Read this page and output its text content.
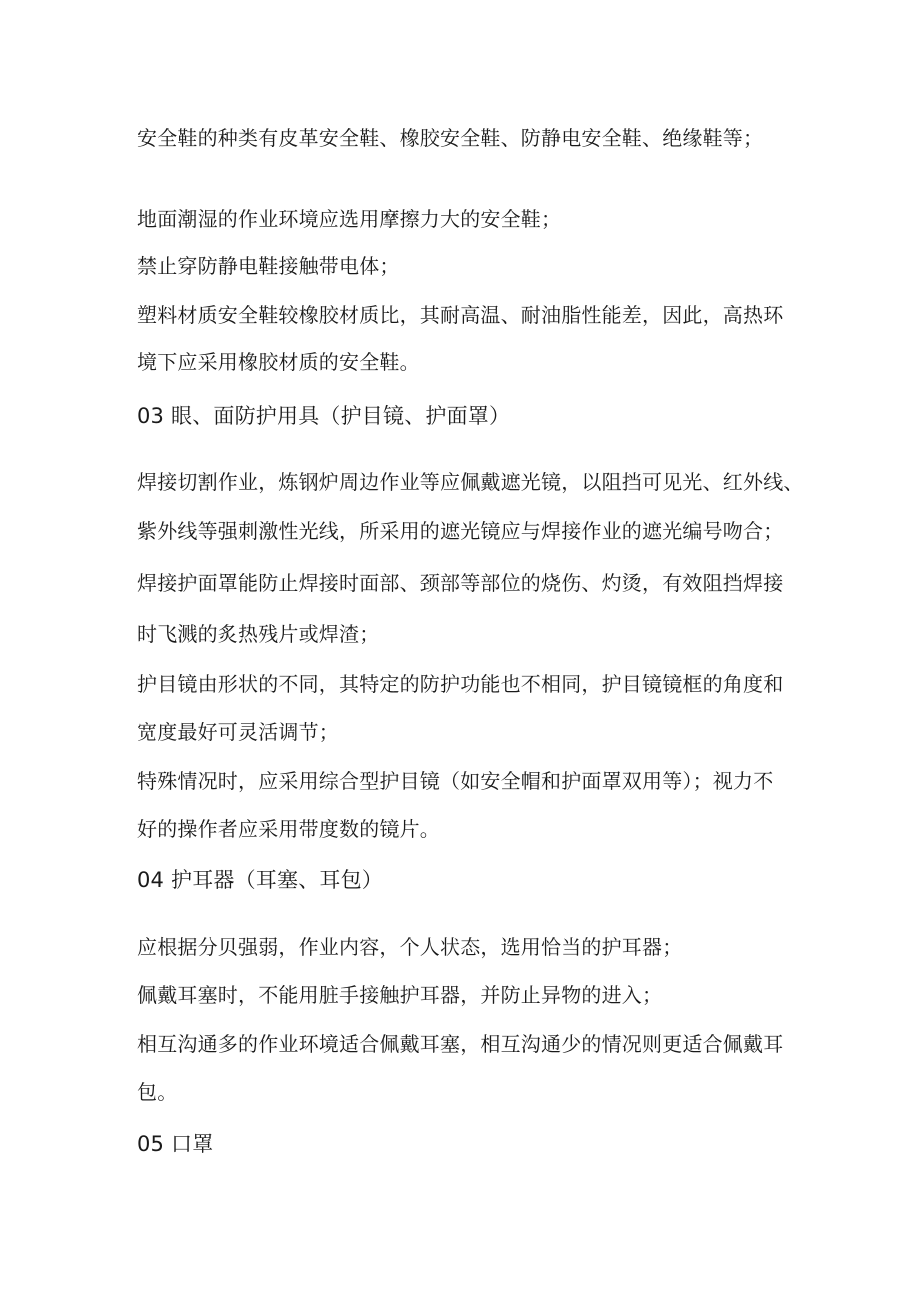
安全鞋的种类有皮革安全鞋、橡胶安全鞋、防静电安全鞋、绝缘鞋等；

地面潮湿的作业环境应选用摩擦力大的安全鞋；

禁止穿防静电鞋接触带电体；

塑料材质安全鞋较橡胶材质比，其耐高温、耐油脂性能差，因此，高热环

境下应采用橡胶材质的安全鞋。

03 眼、面防护用具（护目镜、护面罩）

焊接切割作业，炼钢炉周边作业等应佩戴遮光镜，以阻挡可见光、红外线、

紫外线等强刺激性光线，所采用的遮光镜应与焊接作业的遮光编号吻合；

焊接护面罩能防止焊接时面部、颈部等部位的烧伤、灼烫，有效阻挡焊接

时飞溅的炙热残片或焊渣；

护目镜由形状的不同，其特定的防护功能也不相同，护目镜镜框的角度和

宽度最好可灵活调节；

特殊情况时，应采用综合型护目镜（如安全帽和护面罩双用等）；视力不

好的操作者应采用带度数的镜片。

04 护耳器（耳塞、耳包）

应根据分贝强弱，作业内容，个人状态，选用恰当的护耳器；

佩戴耳塞时，不能用脏手接触护耳器，并防止异物的进入；

相互沟通多的作业环境适合佩戴耳塞，相互沟通少的情况则更适合佩戴耳

包。

05 口罩
